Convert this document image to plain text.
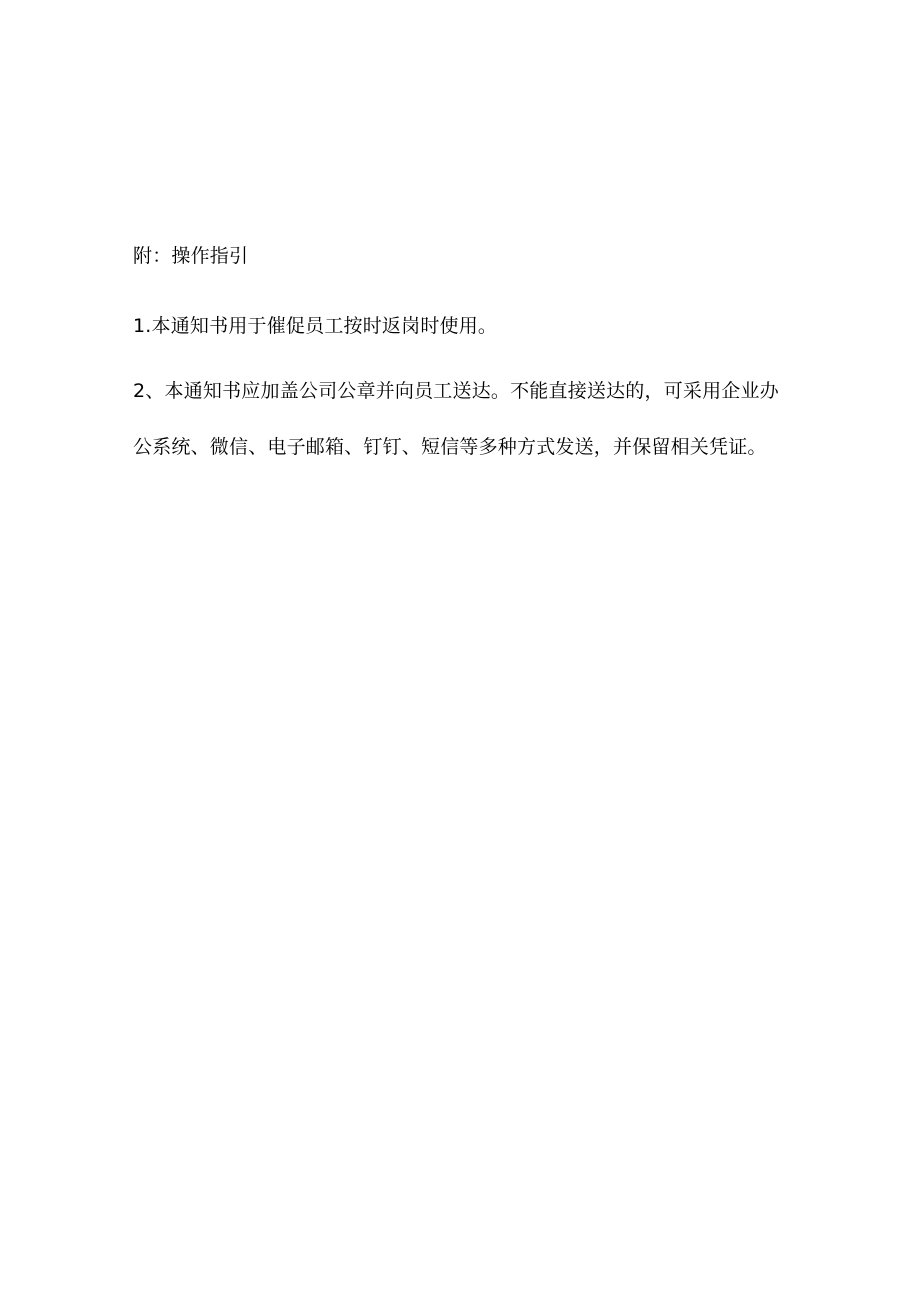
附：操作指引

1.本通知书用于催促员工按时返岗时使用。

2、本通知书应加盖公司公章并向员工送达。不能直接送达的，可采用企业办公系统、微信、电子邮箱、钉钉、短信等多种方式发送，并保留相关凭证。
